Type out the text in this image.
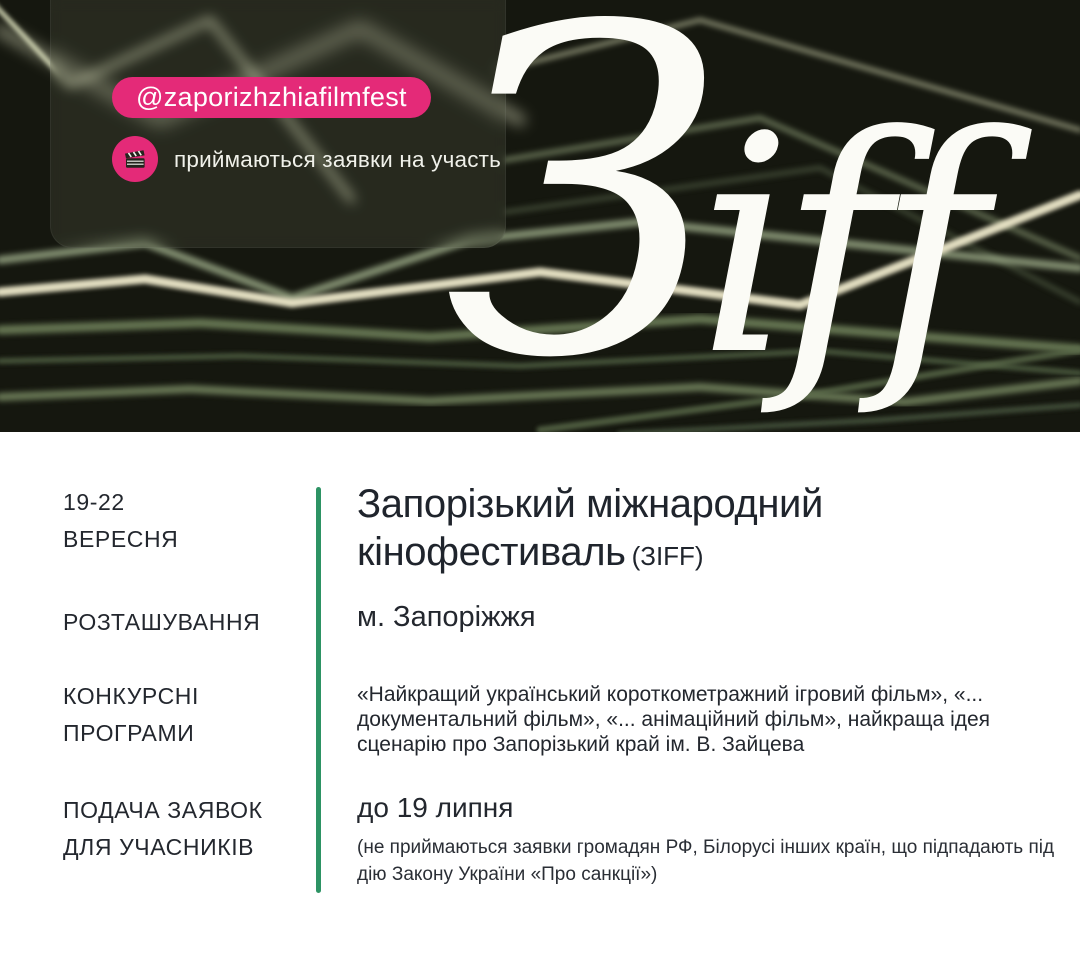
@zaporizhzhiafilmfest
приймаються заявки на участь
Зiff
19-22
ВЕРЕСНЯ
Запорізький міжнародний кінофестиваль (ЗIFF)
РОЗТАШУВАННЯ	м. Запоріжжя
КОНКУРСНІ
ПРОГРАМИ
«Найкращий український короткометражний ігровий фільм», «... документальний фільм», «... анімаційний фільм», найкраща ідея сценарію про Запорізький край ім. В. Зайцева
ПОДАЧА ЗАЯВОК
ДЛЯ УЧАСНИКІВ
до 19 липня
(не приймаються заявки громадян РФ, Білорусі інших країн, що підпадають під дію Закону України «Про санкції»)
